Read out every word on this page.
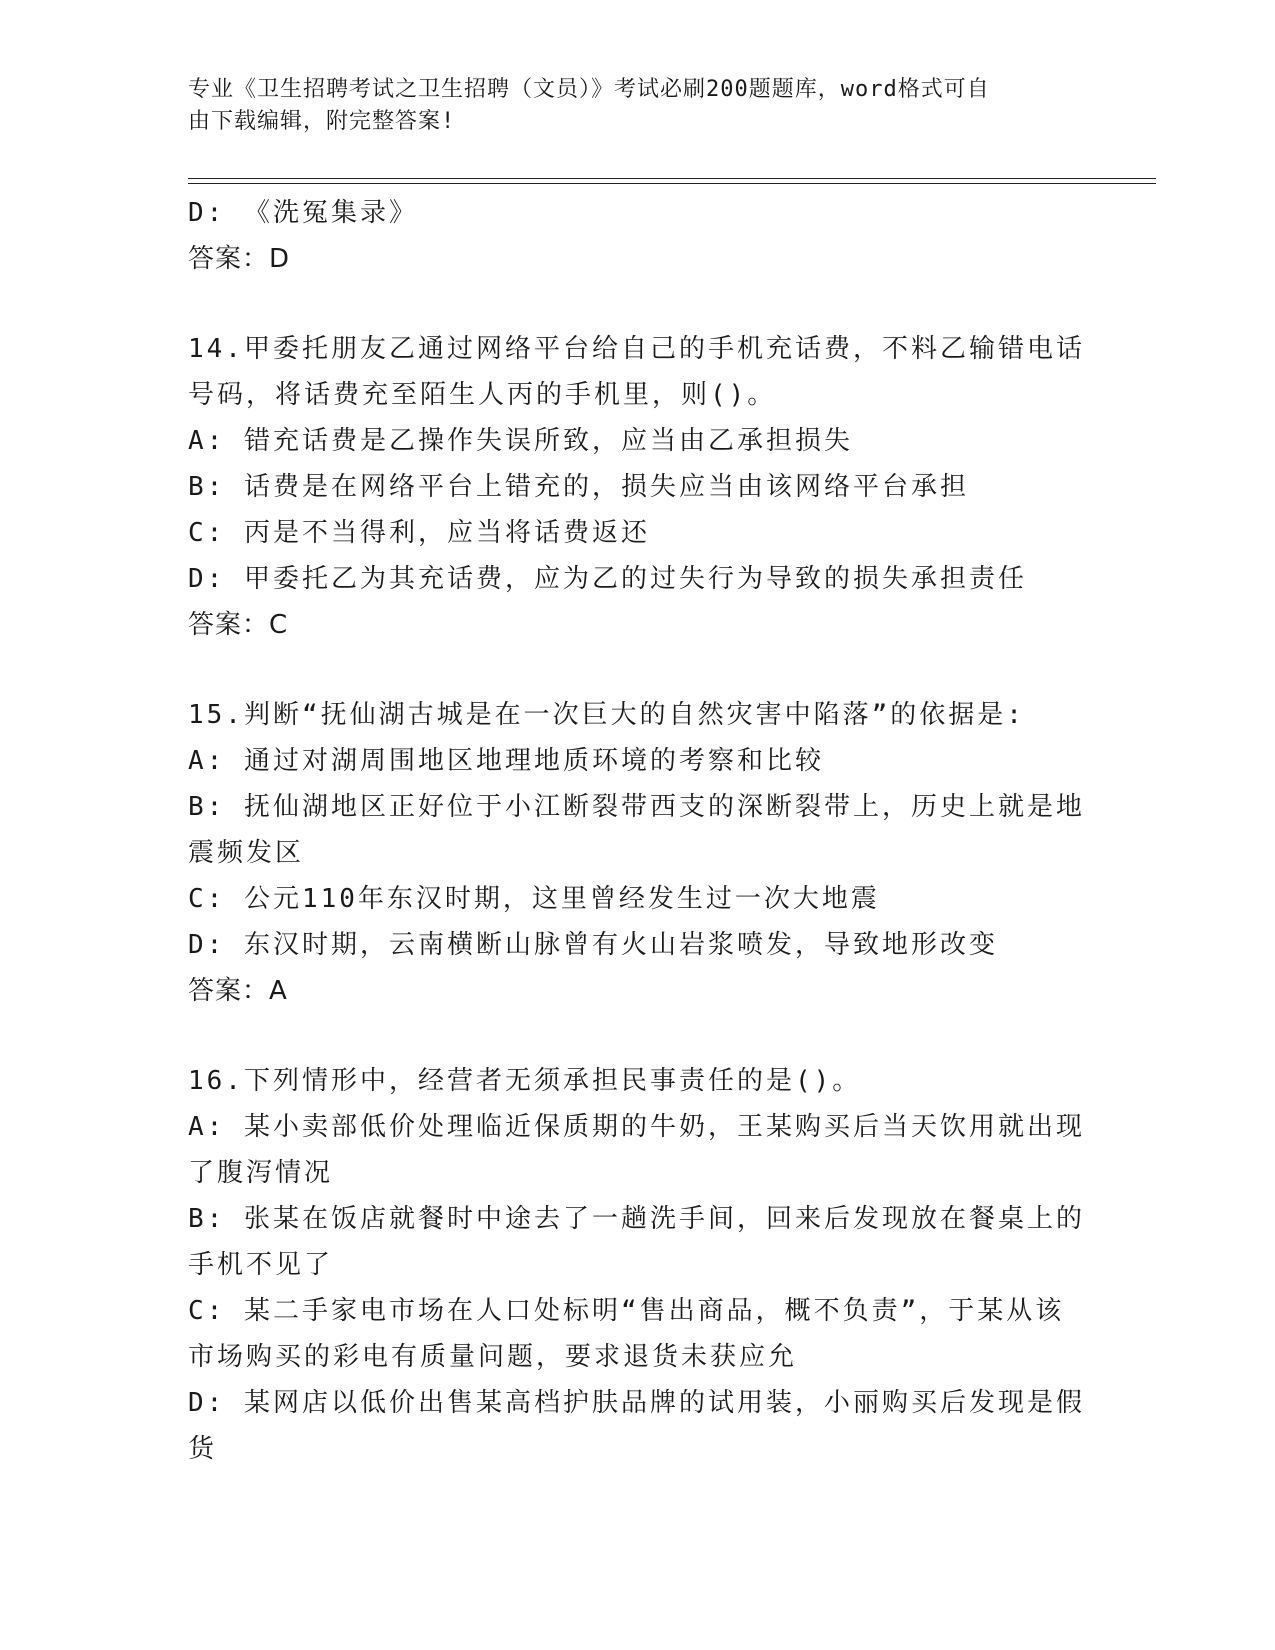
专业《卫生招聘考试之卫生招聘（文员）》考试必刷200题题库，word格式可自
由下载编辑，附完整答案!
D: 《洗冤集录》
答案：D
14.甲委托朋友乙通过网络平台给自己的手机充话费，不料乙输错电话
号码，将话费充至陌生人丙的手机里，则()。
A: 错充话费是乙操作失误所致，应当由乙承担损失
B: 话费是在网络平台上错充的，损失应当由该网络平台承担
C: 丙是不当得利，应当将话费返还
D: 甲委托乙为其充话费，应为乙的过失行为导致的损失承担责任
答案：C
15.判断“抚仙湖古城是在一次巨大的自然灾害中陷落”的依据是:
A: 通过对湖周围地区地理地质环境的考察和比较
B: 抚仙湖地区正好位于小江断裂带西支的深断裂带上，历史上就是地
震频发区
C: 公元110年东汉时期，这里曾经发生过一次大地震
D: 东汉时期，云南横断山脉曾有火山岩浆喷发，导致地形改变
答案：A
16.下列情形中，经营者无须承担民事责任的是()。
A: 某小卖部低价处理临近保质期的牛奶，王某购买后当天饮用就出现
了腹泻情况
B: 张某在饭店就餐时中途去了一趟洗手间，回来后发现放在餐桌上的
手机不见了
C: 某二手家电市场在人口处标明“售出商品，概不负责”，于某从该
市场购买的彩电有质量问题，要求退货未获应允
D: 某网店以低价出售某高档护肤品牌的试用装，小丽购买后发现是假
货
